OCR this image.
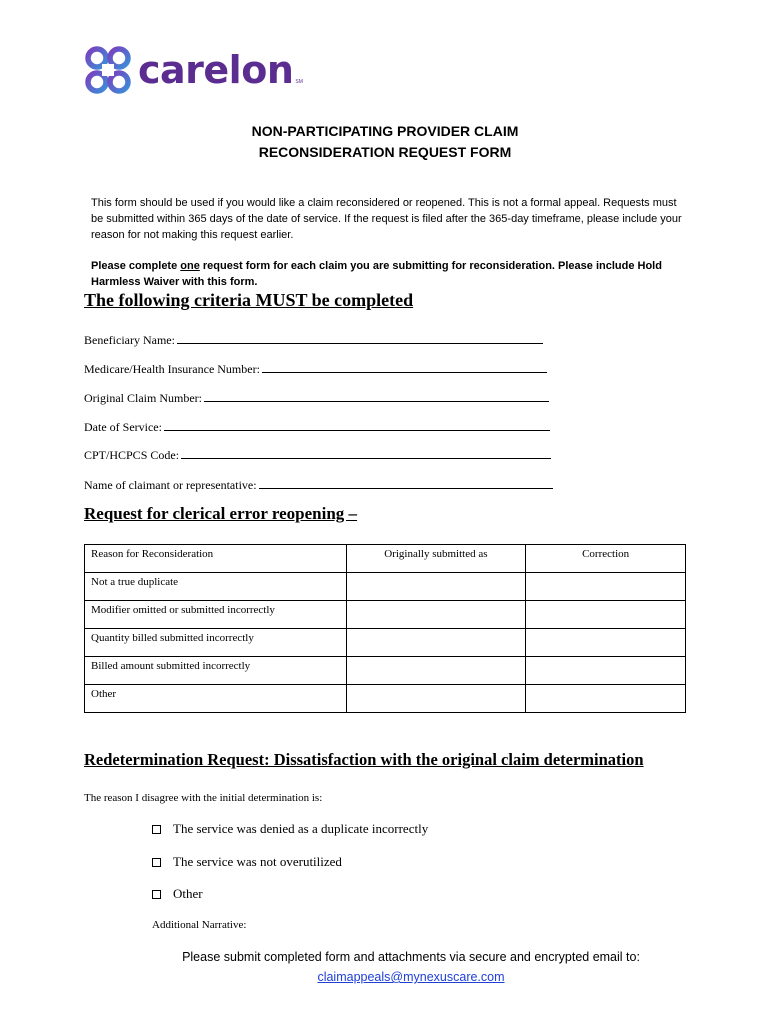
carelon SM
NON-PARTICIPATING PROVIDER CLAIM
RECONSIDERATION REQUEST FORM
This form should be used if you would like a claim reconsidered or reopened. This is not a formal appeal. Requests must be submitted within 365 days of the date of service. If the request is filed after the 365-day timeframe, please include your reason for not making this request earlier.
Please complete one request form for each claim you are submitting for reconsideration. Please include Hold Harmless Waiver with this form.
The following criteria MUST be completed
Beneficiary Name:
Medicare/Health Insurance Number:
Original Claim Number:
Date of Service:
CPT/HCPCS Code:
Name of claimant or representative:
Request for clerical error reopening –
Reason for Reconsideration	Originally submitted as	Correction
Not a true duplicate		
Modifier omitted or submitted incorrectly		
Quantity billed submitted incorrectly		
Billed amount submitted incorrectly		
Other		
Redetermination Request: Dissatisfaction with the original claim determination
The reason I disagree with the initial determination is:
The service was denied as a duplicate incorrectly
The service was not overutilized
Other
Additional Narrative:
Please submit completed form and attachments via secure and encrypted email to:
claimappeals@mynexuscare.com
